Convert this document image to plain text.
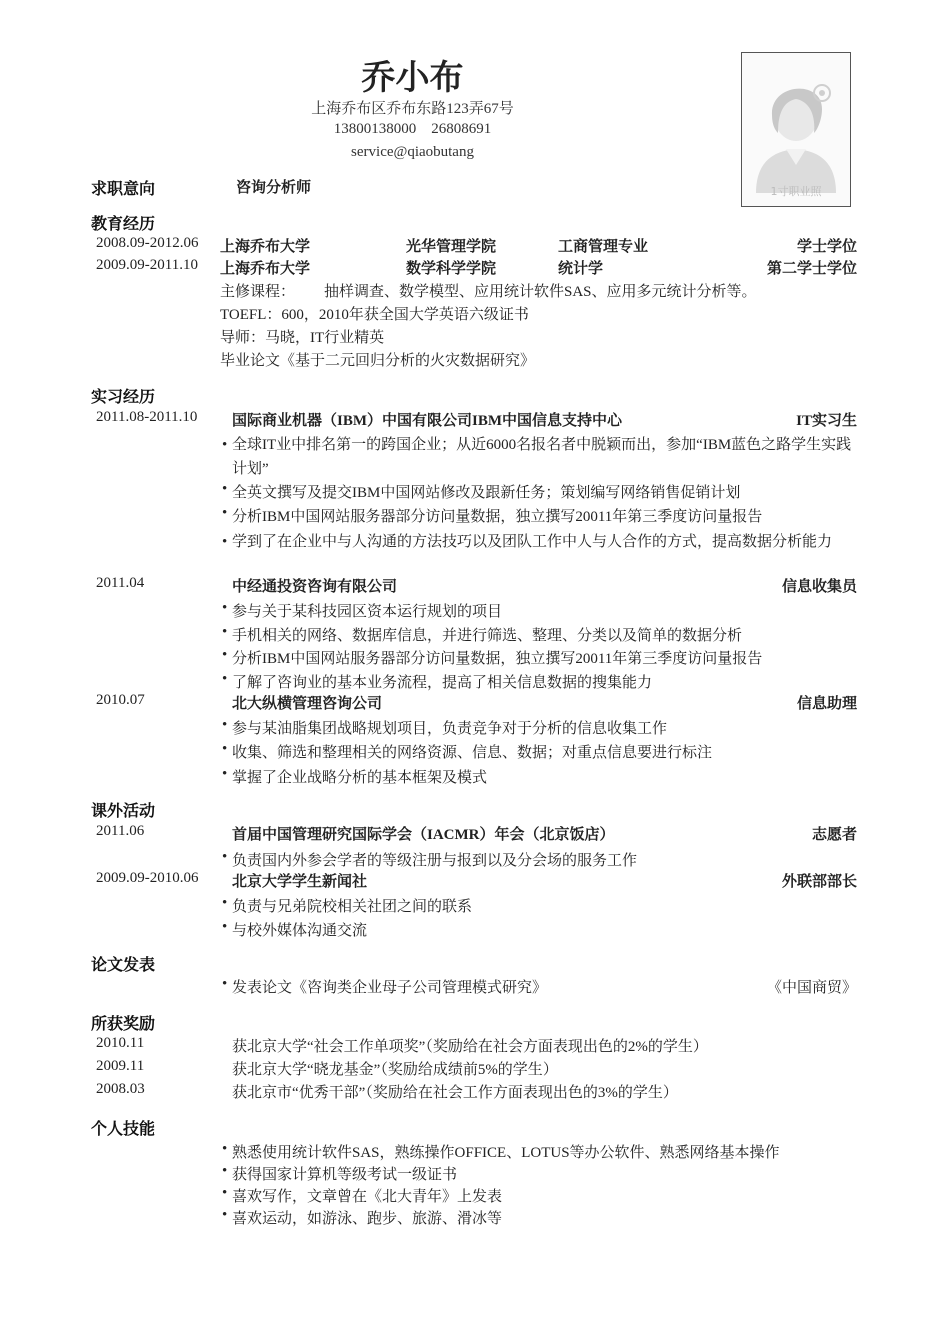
乔小布
上海乔布区乔布东路123弄67号
13800138000    26808691
service@qiaobutang
1寸职业照
求职意向	咨询分析师
教育经历
2008.09-2012.06 上海乔布大学	光华管理学院	工商管理专业	学士学位
2009.09-2011.10 上海乔布大学	数学科学学院	统计学	第二学士学位
主修课程： 抽样调查、数学模型、应用统计软件SAS、应用多元统计分析等。
TOEFL：600，2010年获全国大学英语六级证书
导师：马晓，IT行业精英
毕业论文《基于二元回归分析的火灾数据研究》
实习经历
2011.08-2011.10 国际商业机器（IBM）中国有限公司IBM中国信息支持中心	IT实习生
• 全球IT业中排名第一的跨国企业；从近6000名报名者中脱颖而出，参加“IBM蓝色之路学生实践计划”
• 全英文撰写及提交IBM中国网站修改及跟新任务；策划编写网络销售促销计划
• 分析IBM中国网站服务器部分访问量数据，独立撰写20011年第三季度访问量报告
• 学到了在企业中与人沟通的方法技巧以及团队工作中人与人合作的方式，提高数据分析能力
2011.04	中经通投资咨询有限公司	信息收集员
• 参与关于某科技园区资本运行规划的项目
• 手机相关的网络、数据库信息，并进行筛选、整理、分类以及简单的数据分析
• 分析IBM中国网站服务器部分访问量数据，独立撰写20011年第三季度访问量报告
• 了解了咨询业的基本业务流程，提高了相关信息数据的搜集能力
2010.07	北大纵横管理咨询公司	信息助理
• 参与某油脂集团战略规划项目，负责竞争对于分析的信息收集工作
• 收集、筛选和整理相关的网络资源、信息、数据；对重点信息要进行标注
• 掌握了企业战略分析的基本框架及模式
课外活动
2011.06	首届中国管理研究国际学会（IACMR）年会（北京饭店）	志愿者
• 负责国内外参会学者的等级注册与报到以及分会场的服务工作
2009.09-2010.06 北京大学学生新闻社	外联部部长
• 负责与兄弟院校相关社团之间的联系
• 与校外媒体沟通交流
论文发表
• 发表论文《咨询类企业母子公司管理模式研究》	《中国商贸》
所获奖励
2010.11	获北京大学“社会工作单项奖”（奖励给在社会方面表现出色的2%的学生）
2009.11	获北京大学“晓龙基金”（奖励给成绩前5%的学生）
2008.03	获北京市“优秀干部”（奖励给在社会工作方面表现出色的3%的学生）
个人技能
• 熟悉使用统计软件SAS，熟练操作OFFICE、LOTUS等办公软件、熟悉网络基本操作
• 获得国家计算机等级考试一级证书
• 喜欢写作，文章曾在《北大青年》上发表
• 喜欢运动，如游泳、跑步、旅游、滑冰等
